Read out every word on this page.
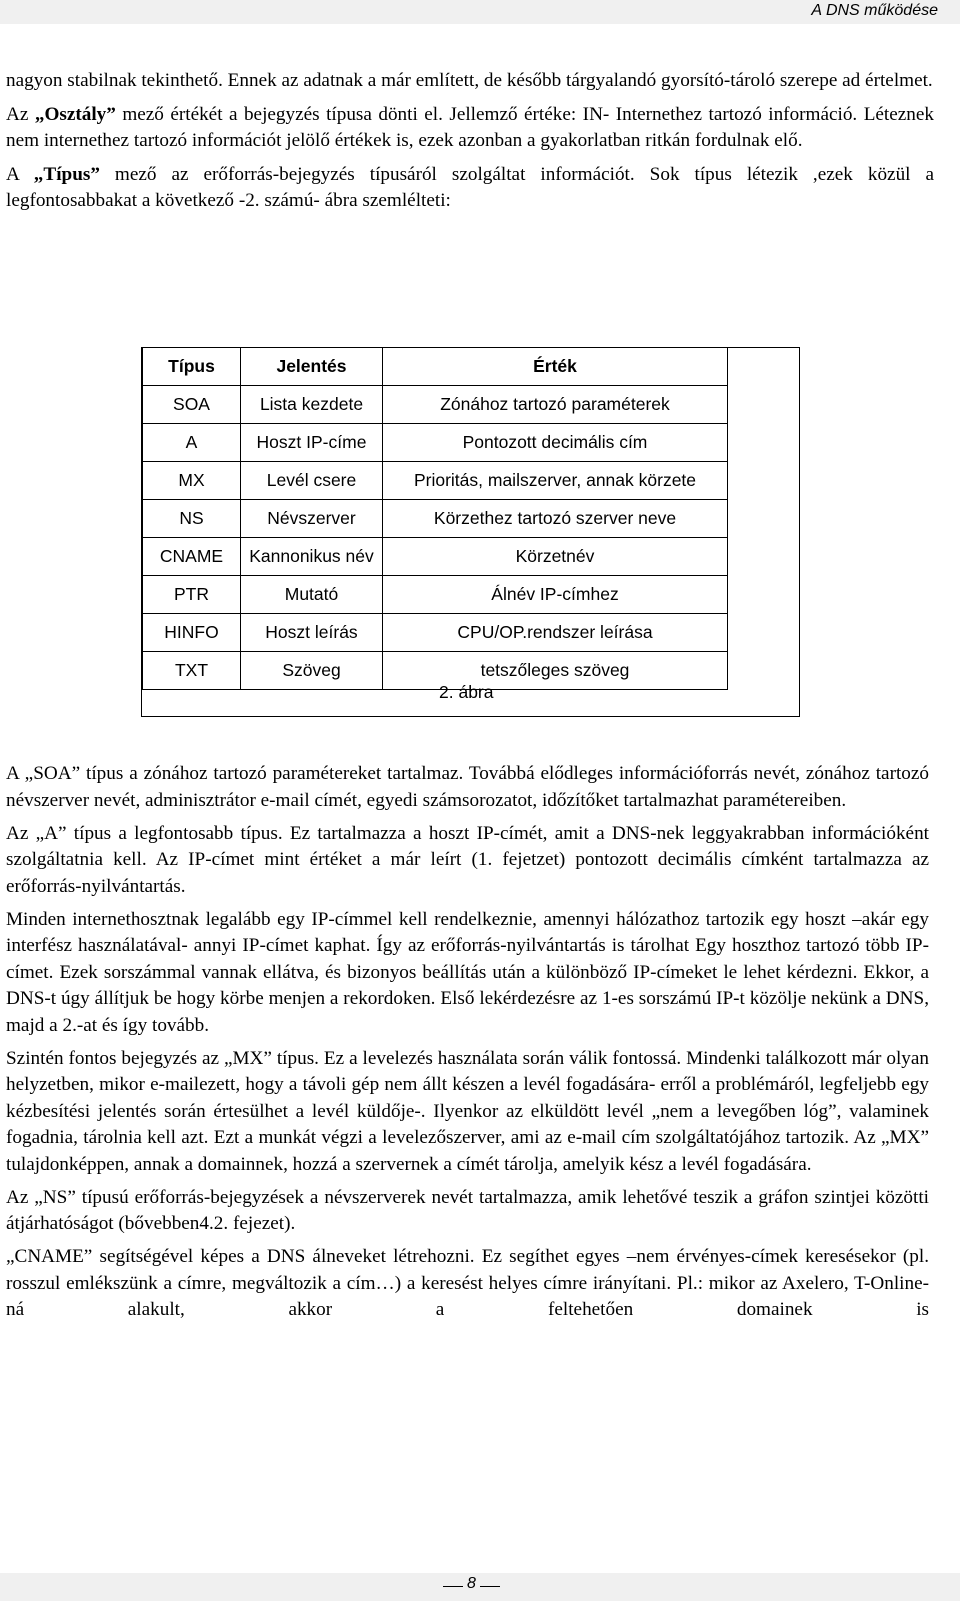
A DNS működése

nagyon stabilnak tekinthető. Ennek az adatnak a már említett, de később tárgyalandó gyorsító-tároló szerepe ad értelmet.

Az „Osztály” mező értékét a bejegyzés típusa dönti el. Jellemző értéke: IN- Internethez tartozó információ. Léteznek nem internethez tartozó információt jelölő értékek is, ezek azonban a gyakorlatban ritkán fordulnak elő.

A „Típus” mező az erőforrás-bejegyzés típusáról szolgáltat információt. Sok típus létezik ,ezek közül a legfontosabbakat a következő -2. számú- ábra szemlélteti:

Típus	Jelentés	Érték
SOA	Lista kezdete	Zónához tartozó paraméterek
A	Hoszt IP-címe	Pontozott decimális cím
MX	Levél csere	Prioritás, mailszerver, annak körzete
NS	Névszerver	Körzethez tartozó szerver neve
CNAME	Kannonikus név	Körzetnév
PTR	Mutató	Álnév IP-címhez
HINFO	Hoszt leírás	CPU/OP.rendszer leírása
TXT	Szöveg	tetszőleges szöveg
2. ábra

A „SOA” típus a zónához tartozó paramétereket tartalmaz. Továbbá elődleges információforrás nevét, zónához tartozó névszerver nevét, adminisztrátor e-mail címét, egyedi számsorozatot, időzítőket tartalmazhat paramétereiben.

Az „A” típus a legfontosabb típus. Ez tartalmazza a hoszt IP-címét, amit a DNS-nek leggyakrabban információként szolgáltatnia kell. Az IP-címet mint értéket a már leírt (1. fejetzet) pontozott decimális címként tartalmazza az erőforrás-nyilvántartás.

Minden internethosztnak legalább egy IP-címmel kell rendelkeznie, amennyi hálózathoz tartozik egy hoszt –akár egy interfész használatával- annyi IP-címet kaphat. Így az erőforrás-nyilvántartás is tárolhat Egy hoszthoz tartozó több IP-címet. Ezek sorszámmal vannak ellátva, és bizonyos beállítás után a különböző IP-címeket le lehet kérdezni. Ekkor, a DNS-t úgy állítjuk be hogy körbe menjen a rekordoken. Első lekérdezésre az 1-es sorszámú IP-t közölje nekünk a DNS, majd a 2.-at és így tovább.

Szintén fontos bejegyzés az „MX” típus. Ez a levelezés használata során válik fontossá. Mindenki találkozott már olyan helyzetben, mikor e-mailezett, hogy a távoli gép nem állt készen a levél fogadására- erről a problémáról, legfeljebb egy kézbesítési jelentés során értesülhet a levél küldője-. Ilyenkor az elküldött levél „nem a levegőben lóg”, valaminek fogadnia, tárolnia kell azt. Ezt a munkát végzi a levelezőszerver, ami az e-mail cím szolgáltatójához tartozik. Az „MX” tulajdonképpen, annak a domainnek, hozzá a szervernek a címét tárolja, amelyik kész a levél fogadására.

Az „NS” típusú erőforrás-bejegyzések a névszerverek nevét tartalmazza, amik lehetővé teszik a gráfon szintjei közötti átjárhatóságot (bővebben4.2. fejezet).

„CNAME” segítségével képes a DNS álneveket létrehozni. Ez segíthet egyes –nem érvényes-címek keresésekor (pl. rosszul emlékszünk a címre, megváltozik a cím…) a keresést helyes címre irányítani. Pl.: mikor az Axelero, T-Online-ná alakult, akkor a feltehetően domainek is

8
